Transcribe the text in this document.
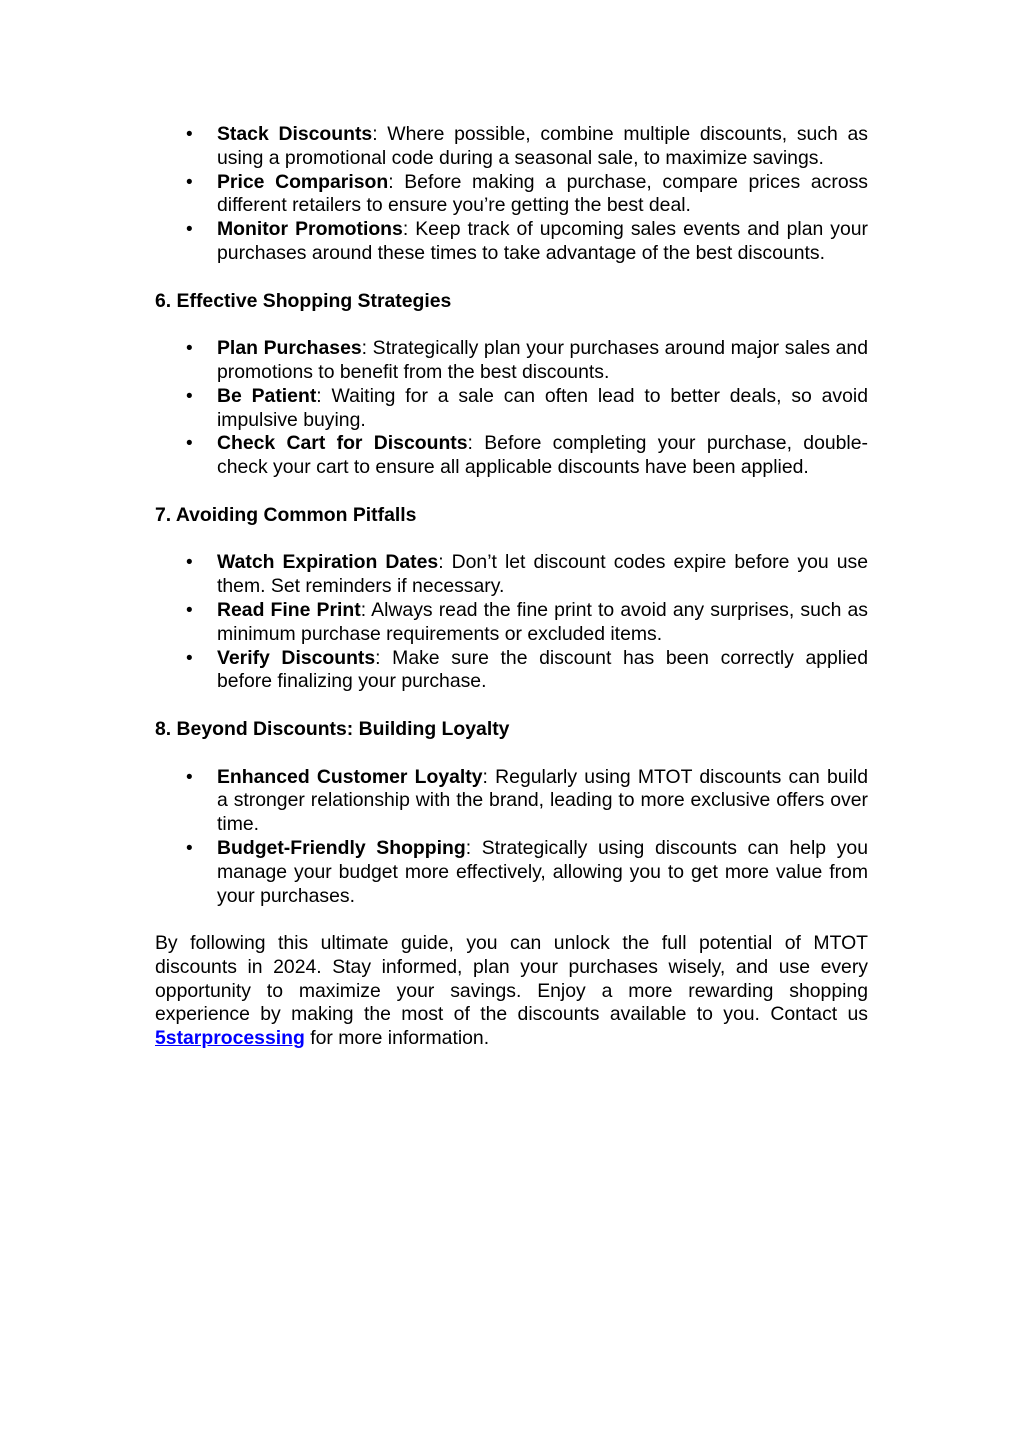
• Stack Discounts: Where possible, combine multiple discounts, such as using a promotional code during a seasonal sale, to maximize savings.
• Price Comparison: Before making a purchase, compare prices across different retailers to ensure you’re getting the best deal.
• Monitor Promotions: Keep track of upcoming sales events and plan your purchases around these times to take advantage of the best discounts.
6. Effective Shopping Strategies
• Plan Purchases: Strategically plan your purchases around major sales and promotions to benefit from the best discounts.
• Be Patient: Waiting for a sale can often lead to better deals, so avoid impulsive buying.
• Check Cart for Discounts: Before completing your purchase, double-check your cart to ensure all applicable discounts have been applied.
7. Avoiding Common Pitfalls
• Watch Expiration Dates: Don’t let discount codes expire before you use them. Set reminders if necessary.
• Read Fine Print: Always read the fine print to avoid any surprises, such as minimum purchase requirements or excluded items.
• Verify Discounts: Make sure the discount has been correctly applied before finalizing your purchase.
8. Beyond Discounts: Building Loyalty
• Enhanced Customer Loyalty: Regularly using MTOT discounts can build a stronger relationship with the brand, leading to more exclusive offers over time.
• Budget-Friendly Shopping: Strategically using discounts can help you manage your budget more effectively, allowing you to get more value from your purchases.

By following this ultimate guide, you can unlock the full potential of MTOT discounts in 2024. Stay informed, plan your purchases wisely, and use every opportunity to maximize your savings. Enjoy a more rewarding shopping experience by making the most of the discounts available to you. Contact us 5starprocessing for more information.
